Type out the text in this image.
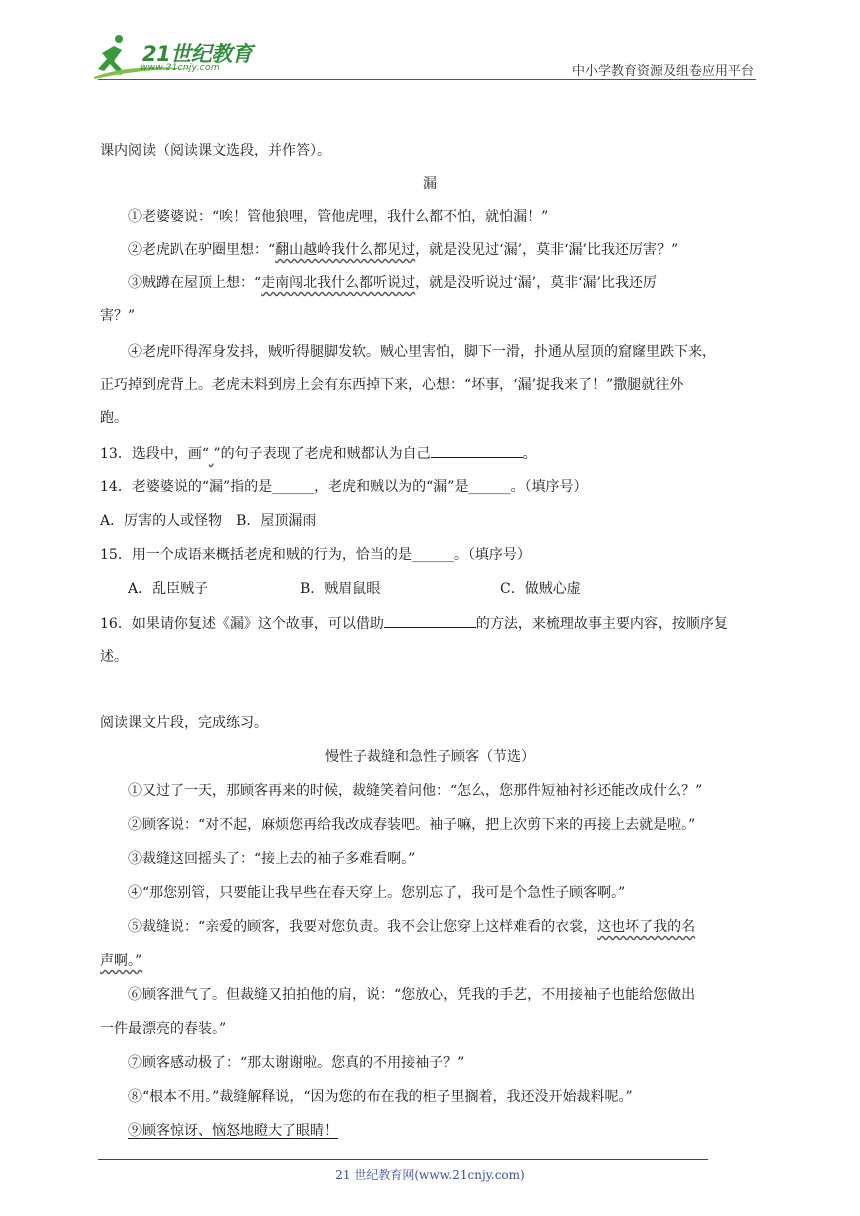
21世纪教育
www.21cnjy.com	中小学教育资源及组卷应用平台
课内阅读（阅读课文选段，并作答）。
漏
①老婆婆说：“唉！管他狼哩，管他虎哩，我什么都不怕，就怕漏！”
②老虎趴在驴圈里想：“翻山越岭我什么都见过，就是没见过‘漏’，莫非‘漏’比我还厉害？”
③贼蹲在屋顶上想：“走南闯北我什么都听说过，就是没听说过‘漏’，莫非‘漏’比我还厉
害？”
④老虎吓得浑身发抖，贼听得腿脚发软。贼心里害怕，脚下一滑，扑通从屋顶的窟窿里跌下来，
正巧掉到虎背上。老虎未料到房上会有东西掉下来，心想：“坏事，‘漏’捉我来了！”撒腿就往外
跑。
13．选段中，画“ ”的句子表现了老虎和贼都认为自己	。
14．老婆婆说的“漏”指的是______，老虎和贼以为的“漏”是______。（填序号）
A．厉害的人或怪物　B．屋顶漏雨
15．用一个成语来概括老虎和贼的行为，恰当的是______。（填序号）
A．乱臣贼子	B．贼眉鼠眼	C．做贼心虚
16．如果请你复述《漏》这个故事，可以借助	的方法，来梳理故事主要内容，按顺序复
述。
阅读课文片段，完成练习。
慢性子裁缝和急性子顾客（节选）
①又过了一天，那顾客再来的时候，裁缝笑着问他：“怎么，您那件短袖衬衫还能改成什么？”
②顾客说：“对不起，麻烦您再给我改成春装吧。袖子嘛，把上次剪下来的再接上去就是啦。”
③裁缝这回摇头了：“接上去的袖子多难看啊。”
④“那您别管，只要能让我早些在春天穿上。您别忘了，我可是个急性子顾客啊。”
⑤裁缝说：“亲爱的顾客，我要对您负责。我不会让您穿上这样难看的衣裳，这也坏了我的名
声啊。”
⑥顾客泄气了。但裁缝又拍拍他的肩，说：“您放心，凭我的手艺，不用接袖子也能给您做出
一件最漂亮的春装。”
⑦顾客感动极了：“那太谢谢啦。您真的不用接袖子？”
⑧“根本不用。”裁缝解释说，“因为您的布在我的柜子里搁着，我还没开始裁料呢。”
⑨顾客惊讶、恼怒地瞪大了眼睛！
21 世纪教育网(www.21cnjy.com)
